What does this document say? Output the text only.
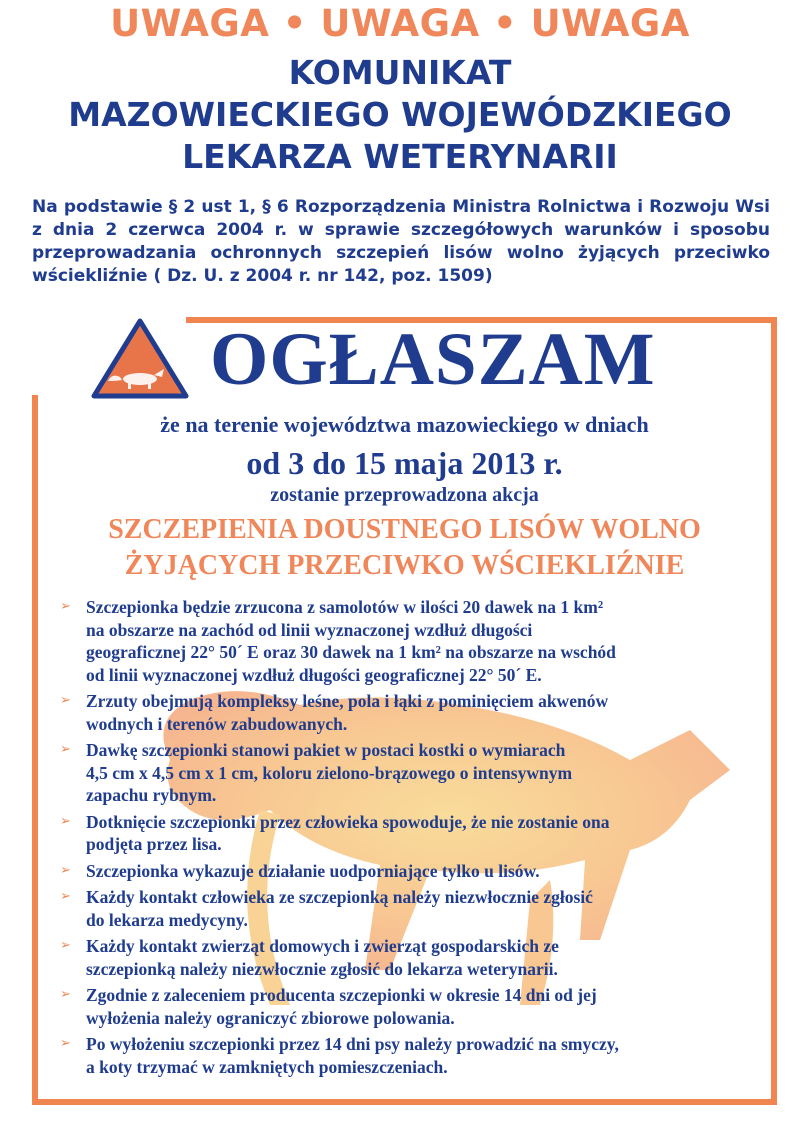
UWAGA • UWAGA • UWAGA
KOMUNIKAT
MAZOWIECKIEGO WOJEWÓDZKIEGO
LEKARZA WETERYNARII
Na podstawie § 2 ust 1, § 6 Rozporządzenia Ministra Rolnictwa i Rozwoju Wsi
z dnia 2 czerwca 2004 r. w sprawie szczegółowych warunków i sposobu
przeprowadzania ochronnych szczepień lisów wolno żyjących przeciwko
wściekliźnie ( Dz. U. z 2004 r. nr 142, poz. 1509)
OGŁASZAM
że na terenie województwa mazowieckiego w dniach
od 3 do 15 maja 2013 r.
zostanie przeprowadzona akcja
SZCZEPIENIA DOUSTNEGO LISÓW WOLNO
ŻYJĄCYCH PRZECIWKO WŚCIEKLIŹNIE
➢ Szczepionka będzie zrzucona z samolotów w ilości 20 dawek na 1 km²
na obszarze na zachód od linii wyznaczonej wzdłuż długości
geograficznej 22° 50´ E oraz 30 dawek na 1 km² na obszarze na wschód
od linii wyznaczonej wzdłuż długości geograficznej 22° 50´ E.
➢ Zrzuty obejmują kompleksy leśne, pola i łąki z pominięciem akwenów
wodnych i terenów zabudowanych.
➢ Dawkę szczepionki stanowi pakiet w postaci kostki o wymiarach
4,5 cm x 4,5 cm x 1 cm, koloru zielono-brązowego o intensywnym
zapachu rybnym.
➢ Dotknięcie szczepionki przez człowieka spowoduje, że nie zostanie ona
podjęta przez lisa.
➢ Szczepionka wykazuje działanie uodporniające tylko u lisów.
➢ Każdy kontakt człowieka ze szczepionką należy niezwłocznie zgłosić
do lekarza medycyny.
➢ Każdy kontakt zwierząt domowych i zwierząt gospodarskich ze
szczepionką należy niezwłocznie zgłosić do lekarza weterynarii.
➢ Zgodnie z zaleceniem producenta szczepionki w okresie 14 dni od jej
wyłożenia należy ograniczyć zbiorowe polowania.
➢ Po wyłożeniu szczepionki przez 14 dni psy należy prowadzić na smyczy,
a koty trzymać w zamkniętych pomieszczeniach.
